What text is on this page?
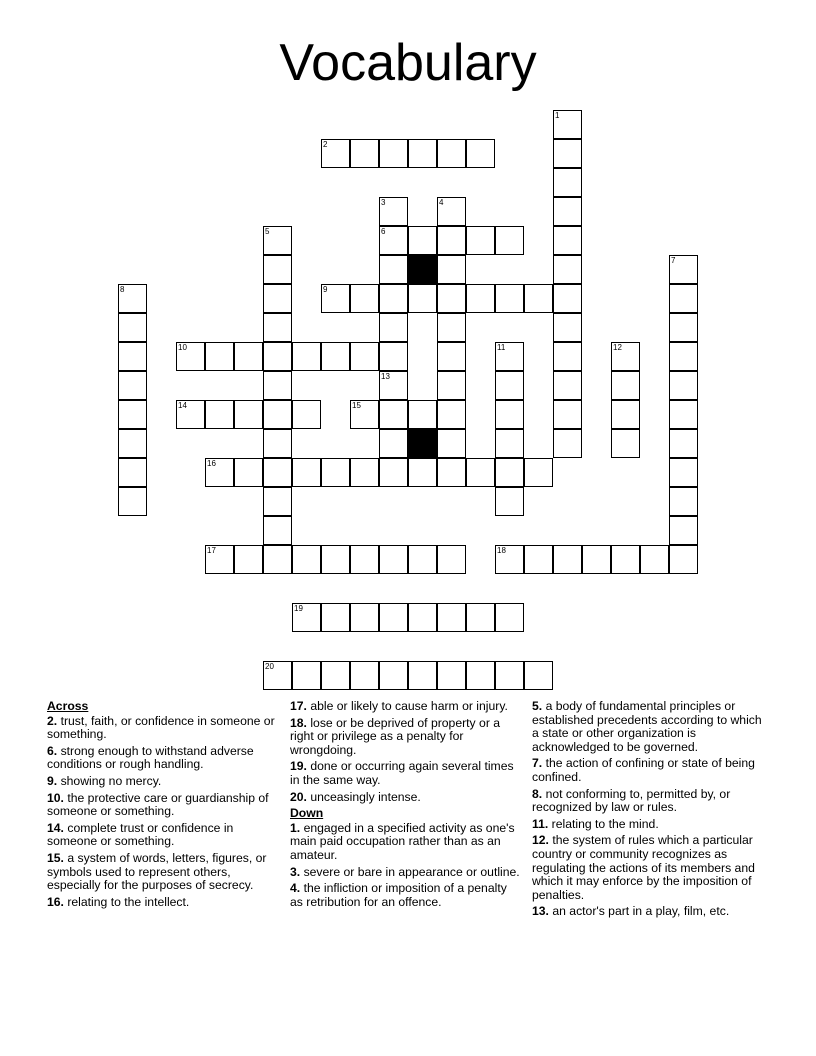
Vocabulary
2
6
9
10
14	15
16
17	18
19
20
1
3	4
5
7
8
11	12
13
Across
2. trust, faith, or confidence in someone or something.
6. strong enough to withstand adverse conditions or rough handling.
9. showing no mercy.
10. the protective care or guardianship of someone or something.
14. complete trust or confidence in someone or something.
15. a system of words, letters, figures, or symbols used to represent others, especially for the purposes of secrecy.
16. relating to the intellect.
17. able or likely to cause harm or injury.
18. lose or be deprived of property or a right or privilege as a penalty for wrongdoing.
19. done or occurring again several times in the same way.
20. unceasingly intense.
Down
1. engaged in a specified activity as one's main paid occupation rather than as an amateur.
3. severe or bare in appearance or outline.
4. the infliction or imposition of a penalty as retribution for an offence.
5. a body of fundamental principles or established precedents according to which a state or other organization is acknowledged to be governed.
7. the action of confining or state of being confined.
8. not conforming to, permitted by, or recognized by law or rules.
11. relating to the mind.
12. the system of rules which a particular country or community recognizes as regulating the actions of its members and which it may enforce by the imposition of penalties.
13. an actor's part in a play, film, etc.
